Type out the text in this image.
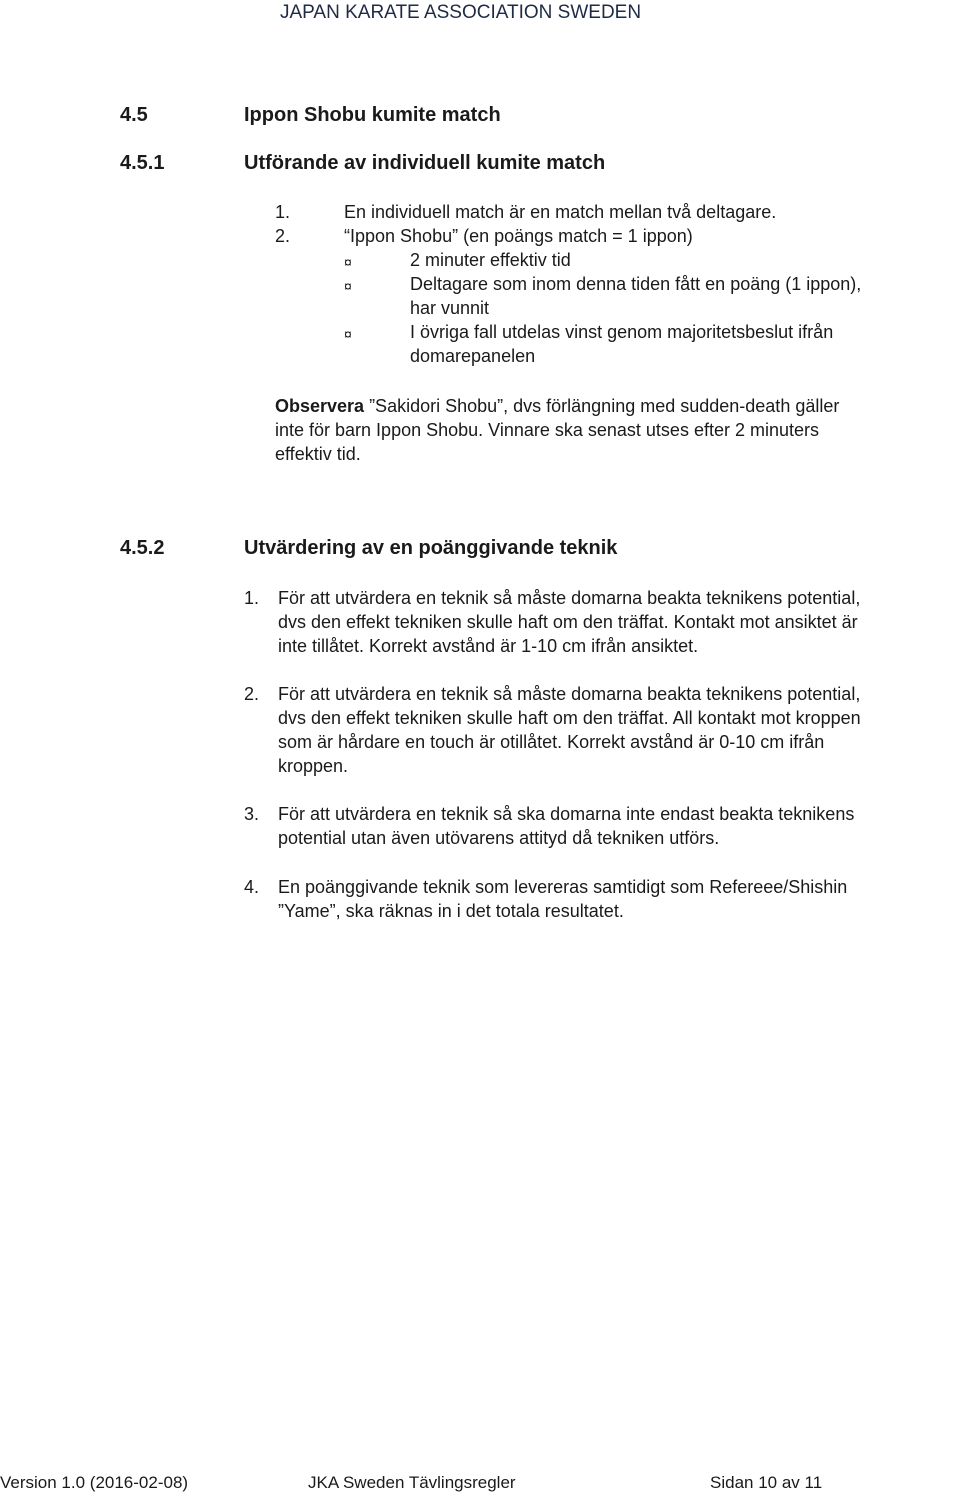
JAPAN KARATE ASSOCIATION SWEDEN
4.5	Ippon Shobu kumite match
4.5.1	Utförande av individuell kumite match
1.	En individuell match är en match mellan två deltagare.
2.	“Ippon Shobu” (en poängs match = 1 ippon)
¤	2 minuter effektiv tid
¤	Deltagare som inom denna tiden fått en poäng (1 ippon),
har vunnit
¤	I övriga fall utdelas vinst genom majoritetsbeslut ifrån
domarepanelen
Observera ”Sakidori Shobu”, dvs förlängning med sudden-death gäller
inte för barn Ippon Shobu. Vinnare ska senast utses efter 2 minuters
effektiv tid.
4.5.2	Utvärdering av en poänggivande teknik
1. För att utvärdera en teknik så måste domarna beakta teknikens potential,
dvs den effekt tekniken skulle haft om den träffat. Kontakt mot ansiktet är
inte tillåtet. Korrekt avstånd är 1-10 cm ifrån ansiktet.
2. För att utvärdera en teknik så måste domarna beakta teknikens potential,
dvs den effekt tekniken skulle haft om den träffat. All kontakt mot kroppen
som är hårdare en touch är otillåtet. Korrekt avstånd är 0-10 cm ifrån
kroppen.
3. För att utvärdera en teknik så ska domarna inte endast beakta teknikens
potential utan även utövarens attityd då tekniken utförs.
4. En poänggivande teknik som levereras samtidigt som Refereee/Shishin
”Yame”, ska räknas in i det totala resultatet.
Version 1.0 (2016-02-08)	JKA Sweden Tävlingsregler	Sidan 10 av 11
